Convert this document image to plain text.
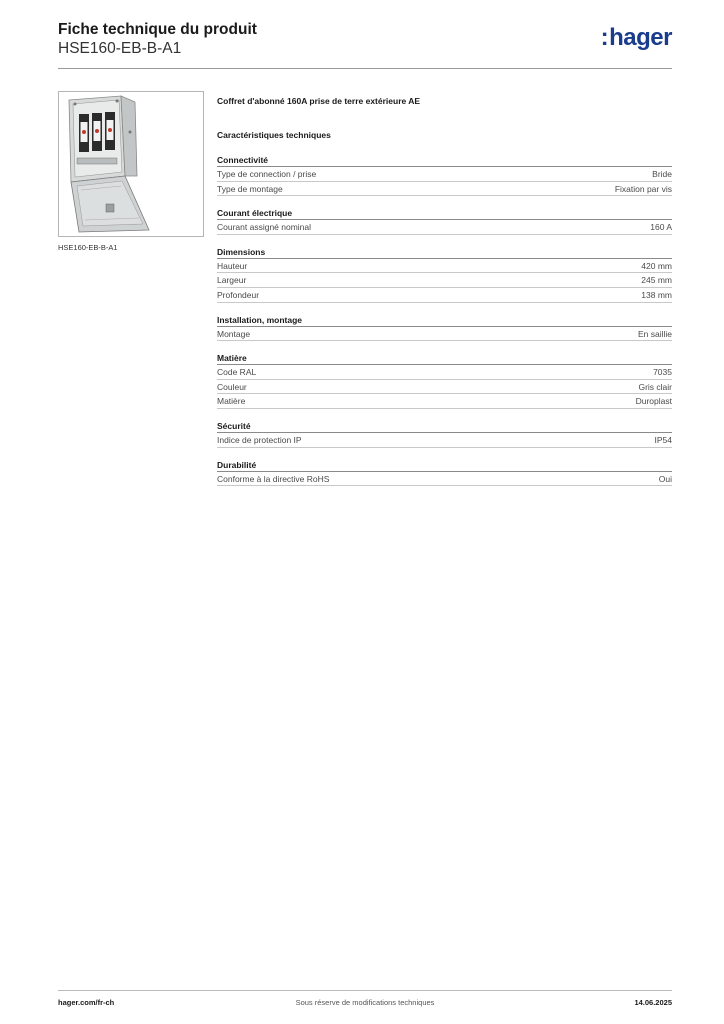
Fiche technique du produit
HSE160-EB-B-A1	:hager
HSE160-EB-B-A1
Coffret d'abonné 160A prise de terre extérieure AE
Caractéristiques techniques
Connectivité
Type de connection / prise	Bride
Type de montage	Fixation par vis
Courant électrique
Courant assigné nominal	160 A
Dimensions
Hauteur	420 mm
Largeur	245 mm
Profondeur	138 mm
Installation, montage
Montage	En saillie
Matière
Code RAL	7035
Couleur	Gris clair
Matière	Duroplast
Sécurité
Indice de protection IP	IP54
Durabilité
Conforme à la directive RoHS	Oui
Sous réserve de modifications techniques
hager.com/fr-ch	14.06.2025
